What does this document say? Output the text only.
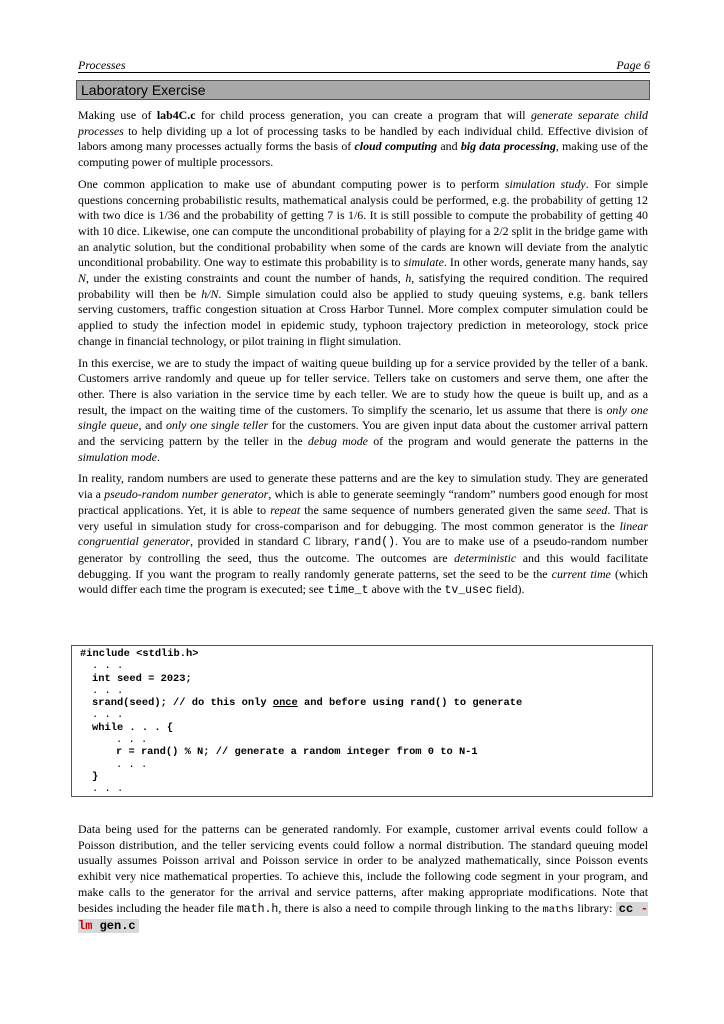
Processes	Page 6
Laboratory Exercise

Making use of lab4C.c for child process generation, you can create a program that will generate separate child processes to help dividing up a lot of processing tasks to be handled by each individual child. Effective division of labors among many processes actually forms the basis of cloud computing and big data processing, making use of the computing power of multiple processors.

One common application to make use of abundant computing power is to perform simulation study. For simple questions concerning probabilistic results, mathematical analysis could be performed, e.g. the probability of getting 12 with two dice is 1/36 and the probability of getting 7 is 1/6. It is still possible to compute the probability of getting 40 with 10 dice. Likewise, one can compute the unconditional probability of playing for a 2/2 split in the bridge game with an analytic solution, but the conditional probability when some of the cards are known will deviate from the analytic unconditional probability. One way to estimate this probability is to simulate. In other words, generate many hands, say N, under the existing constraints and count the number of hands, h, satisfying the required condition. The required probability will then be h/N. Simple simulation could also be applied to study queuing systems, e.g. bank tellers serving customers, traffic congestion situation at Cross Harbor Tunnel. More complex computer simulation could be applied to study the infection model in epidemic study, typhoon trajectory prediction in meteorology, stock price change in financial technology, or pilot training in flight simulation.

In this exercise, we are to study the impact of waiting queue building up for a service provided by the teller of a bank. Customers arrive randomly and queue up for teller service. Tellers take on customers and serve them, one after the other. There is also variation in the service time by each teller. We are to study how the queue is built up, and as a result, the impact on the waiting time of the customers. To simplify the scenario, let us assume that there is only one single queue, and only one single teller for the customers. You are given input data about the customer arrival pattern and the servicing pattern by the teller in the debug mode of the program and would generate the patterns in the simulation mode.

In reality, random numbers are used to generate these patterns and are the key to simulation study. They are generated via a pseudo-random number generator, which is able to generate seemingly “random” numbers good enough for most practical applications. Yet, it is able to repeat the same sequence of numbers generated given the same seed. That is very useful in simulation study for cross-comparison and for debugging. The most common generator is the linear congruential generator, provided in standard C library, rand(). You are to make use of a pseudo-random number generator by controlling the seed, thus the outcome. The outcomes are deterministic and this would facilitate debugging. If you want the program to really randomly generate patterns, set the seed to be the current time (which would differ each time the program is executed; see time_t above with the tv_usec field).

#include <stdlib.h>
. . .
int seed = 2023;
. . .
srand(seed); // do this only once and before using rand() to generate
. . .
while . . . {
. . .
r = rand() % N; // generate a random integer from 0 to N-1
. . .
}
. . .

Data being used for the patterns can be generated randomly. For example, customer arrival events could follow a Poisson distribution, and the teller servicing events could follow a normal distribution. The standard queuing model usually assumes Poisson arrival and Poisson service in order to be analyzed mathematically, since Poisson events exhibit very nice mathematical properties. To achieve this, include the following code segment in your program, and make calls to the generator for the arrival and service patterns, after making appropriate modifications. Note that besides including the header file math.h, there is also a need to compile through linking to the maths library: cc -lm gen.c
